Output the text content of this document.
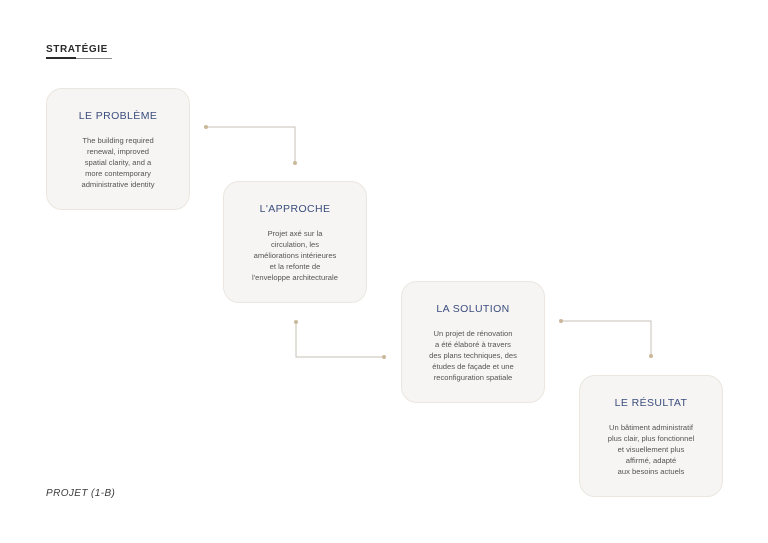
STRATÉGIE
LE PROBLÈME
The building required
renewal, improved
spatial clarity, and a
more contemporary
administrative identity
L'APPROCHE
Projet axé sur la
circulation, les
améliorations intérieures
et la refonte de
l'enveloppe architecturale
LA SOLUTION
Un projet de rénovation
a été élaboré à travers
des plans techniques, des
études de façade et une
reconfiguration spatiale
LE RÉSULTAT
Un bâtiment administratif
plus clair, plus fonctionnel
et visuellement plus
affirmé, adapté
aux besoins actuels
PROJET (1-B)
